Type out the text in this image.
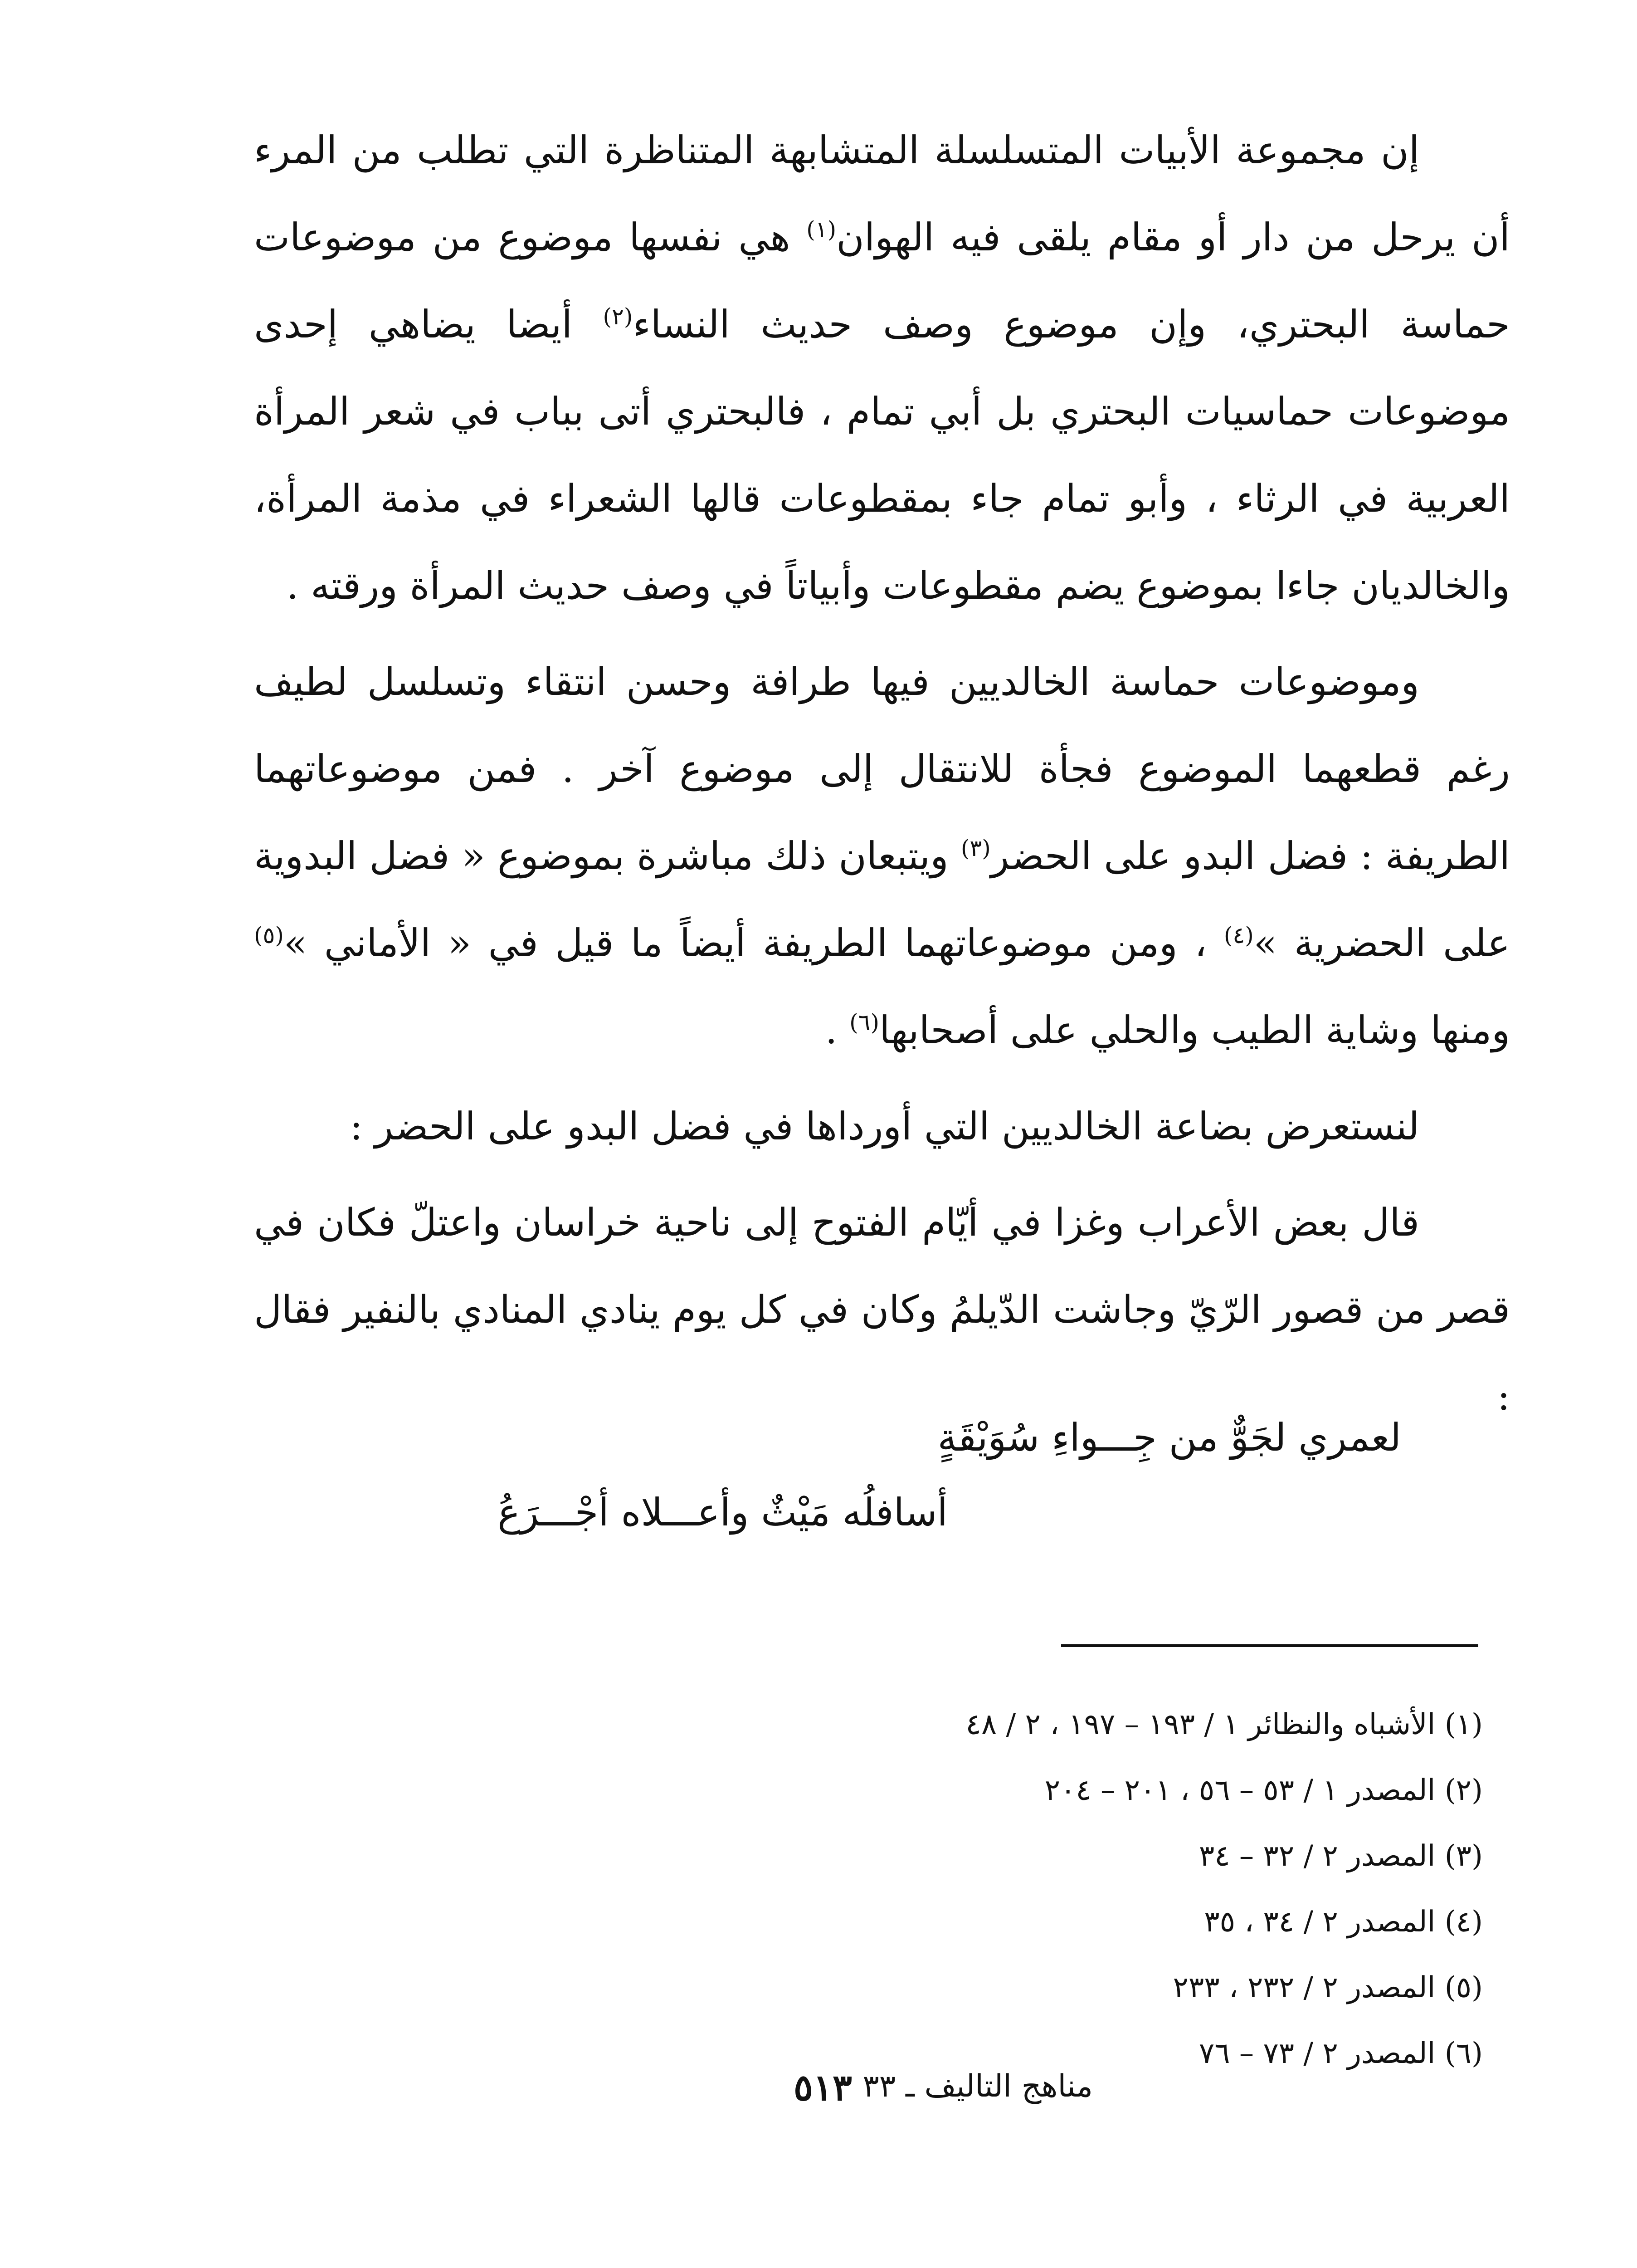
إن مجموعة الأبيات المتسلسلة المتشابهة المتناظرة التي تطلب من المرء أن يرحل من دار أو مقام يلقى فيه الهوان$^{(١)}$ هي نفسها موضوع من موضوعات حماسة البحتري، وإن موضوع وصف حديث النساء$^{(٢)}$ أيضا يضاهي إحدى موضوعات حماسيات البحتري بل أبي تمام ، فالبحتري أتى بباب في شعر المرأة العربية في الرثاء ، وأبو تمام جاء بمقطوعات قالها الشعراء في مذمة المرأة، والخالديان جاءا بموضوع يضم مقطوعات وأبياتاً في وصف حديث المرأة ورقته .

وموضوعات حماسة الخالديين فيها طرافة وحسن انتقاء وتسلسل لطيف رغم قطعهما الموضوع فجأة للانتقال إلى موضوع آخر . فمن موضوعاتهما الطريفة : فضل البدو على الحضر$^{(٣)}$ ويتبعان ذلك مباشرة بموضوع « فضل البدوية على الحضرية »$^{(٤)}$ ، ومن موضوعاتهما الطريفة أيضاً ما قيل في « الأماني »$^{(٥)}$ ومنها وشاية الطيب والحلي على أصحابها$^{(٦)}$ .

لنستعرض بضاعة الخالديين التي أورداها في فضل البدو على الحضر :

قال بعض الأعراب وغزا في أيّام الفتوح إلى ناحية خراسان واعتلّ فكان في قصر من قصور الرّيّ وجاشت الدّيلمُ وكان في كل يوم ينادي المنادي بالنفير فقال :

لعمري لجَوٌّ من جِـــواءِ سُوَيْقَةٍ
أسافلُه مَيْثٌ وأعـــلاه أجْـــرَعُ
(١) الأشباه والنظائر ١ / ١٩٣ – ١٩٧ ، ٢ / ٤٨
(٢) المصدر ١ / ٥٣ – ٥٦ ، ٢٠١ – ٢٠٤
(٣) المصدر ٢ / ٣٢ – ٣٤
(٤) المصدر ٢ / ٣٤ ، ٣٥
(٥) المصدر ٢ / ٢٣٢ ، ٢٣٣
(٦) المصدر ٢ / ٧٣ – ٧٦
مناهج التاليف ـ ٣٣
٥١٣
